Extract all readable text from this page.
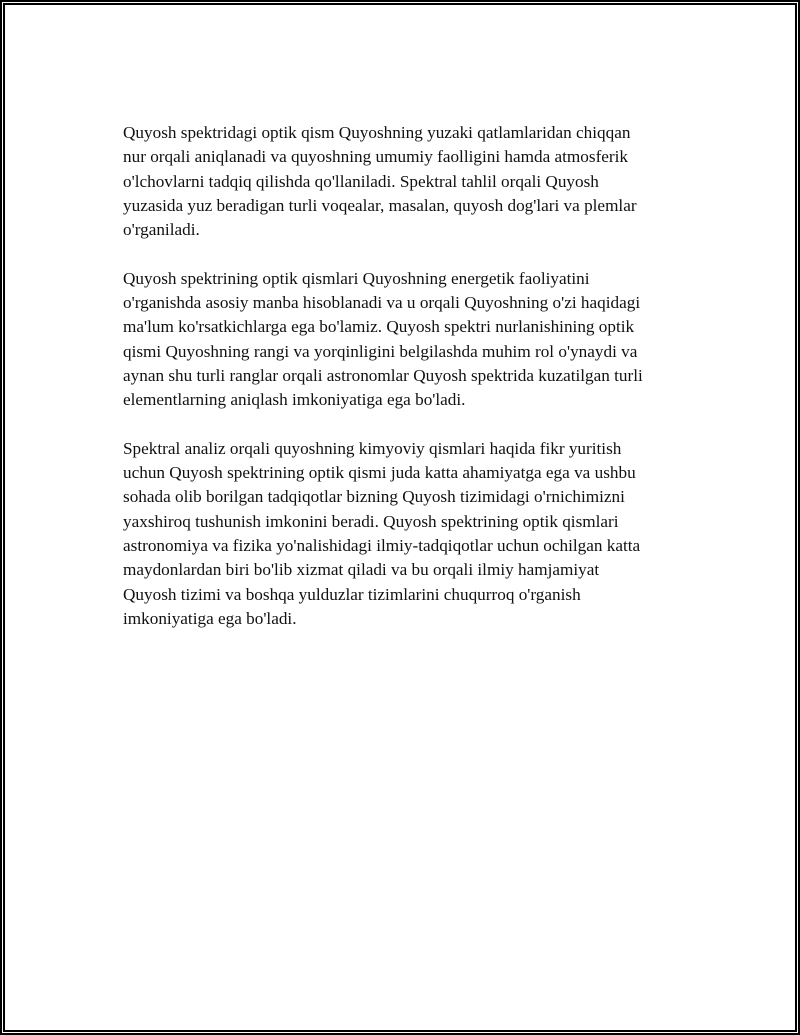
Quyosh spektridagi optik qism Quyoshning yuzaki qatlamlaridan chiqqan
nur orqali aniqlanadi va quyoshning umumiy faolligini hamda atmosferik
o'lchovlarni tadqiq qilishda qo'llaniladi. Spektral tahlil orqali Quyosh
yuzasida yuz beradigan turli voqealar, masalan, quyosh dog'lari va plemlar
o'rganiladi.

Quyosh spektrining optik qismlari Quyoshning energetik faoliyatini
o'rganishda asosiy manba hisoblanadi va u orqali Quyoshning o'zi haqidagi
ma'lum ko'rsatkichlarga ega bo'lamiz. Quyosh spektri nurlanishining optik
qismi Quyoshning rangi va yorqinligini belgilashda muhim rol o'ynaydi va
aynan shu turli ranglar orqali astronomlar Quyosh spektrida kuzatilgan turli
elementlarning aniqlash imkoniyatiga ega bo'ladi.

Spektral analiz orqali quyoshning kimyoviy qismlari haqida fikr yuritish
uchun Quyosh spektrining optik qismi juda katta ahamiyatga ega va ushbu
sohada olib borilgan tadqiqotlar bizning Quyosh tizimidagi o'rnichimizni
yaxshiroq tushunish imkonini beradi. Quyosh spektrining optik qismlari
astronomiya va fizika yo'nalishidagi ilmiy-tadqiqotlar uchun ochilgan katta
maydonlardan biri bo'lib xizmat qiladi va bu orqali ilmiy hamjamiyat
Quyosh tizimi va boshqa yulduzlar tizimlarini chuqurroq o'rganish
imkoniyatiga ega bo'ladi.
